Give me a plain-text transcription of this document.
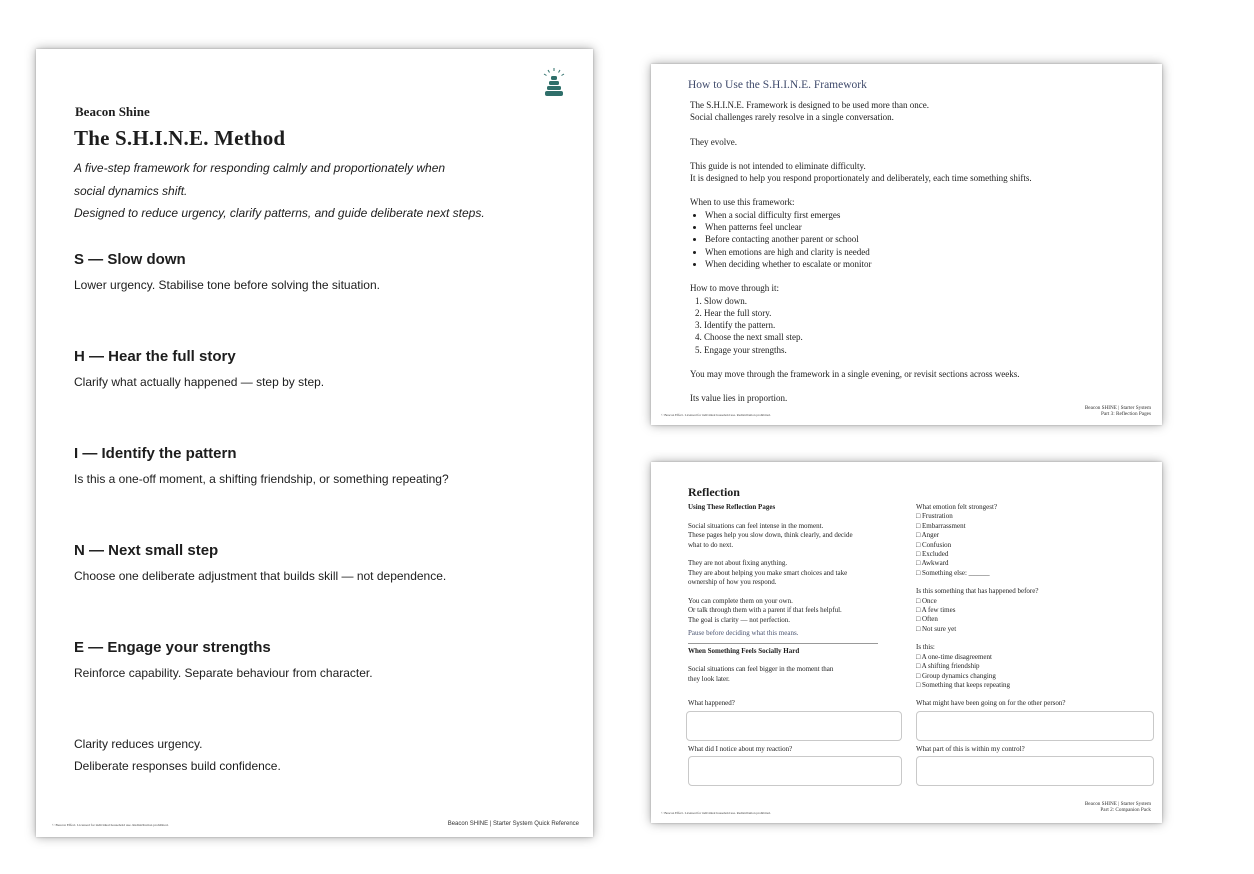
Beacon Shine
The S.H.I.N.E. Method
A five-step framework for responding calmly and proportionately when
social dynamics shift.
Designed to reduce urgency, clarify patterns, and guide deliberate next steps.
S — Slow down

Lower urgency. Stabilise tone before solving the situation.

H — Hear the full story

Clarify what actually happened — step by step.

I — Identify the pattern

Is this a one-off moment, a shifting friendship, or something repeating?

N — Next small step

Choose one deliberate adjustment that builds skill — not dependence.

E — Engage your strengths

Reinforce capability. Separate behaviour from character.

Clarity reduces urgency.
Deliberate responses build confidence.
© Beacon Effect. Licensed for individual household use. Redistribution prohibited.	Beacon SHINE | Starter System Quick Reference
How to Use the S.H.I.N.E. Framework
The S.H.I.N.E. Framework is designed to be used more than once.
Social challenges rarely resolve in a single conversation.
They evolve.
This guide is not intended to eliminate difficulty.
It is designed to help you respond proportionately and deliberately, each time something shifts.
When to use this framework:
• When a social difficulty first emerges
• When patterns feel unclear
• Before contacting another parent or school
• When emotions are high and clarity is needed
• When deciding whether to escalate or monitor
How to move through it:
1. Slow down.
2. Hear the full story.
3. Identify the pattern.
4. Choose the next small step.
5. Engage your strengths.
You may move through the framework in a single evening, or revisit sections across weeks.
Its value lies in proportion.
© Beacon Effect. Licensed for individual household use. Redistribution prohibited.
Beacon SHINE | Starter System
Part 3: Reflection Pages
Reflection
Using These Reflection Pages
Social situations can feel intense in the moment.
These pages help you slow down, think clearly, and decide
what to do next.
They are not about fixing anything.
They are about helping you make smart choices and take
ownership of how you respond.
You can complete them on your own.
Or talk through them with a parent if that feels helpful.
The goal is clarity — not perfection.
Pause before deciding what this means.
When Something Feels Socially Hard
Social situations can feel bigger in the moment than
they look later.
What emotion felt strongest?
□ Frustration
□ Embarrassment
□ Anger
□ Confusion
□ Excluded
□ Awkward
□ Something else: ______
Is this something that has happened before?
□ Once
□ A few times
□ Often
□ Not sure yet
Is this:
□ A one-time disagreement
□ A shifting friendship
□ Group dynamics changing
□ Something that keeps repeating
What happened?	What might have been going on for the other person?
What did I notice about my reaction?	What part of this is within my control?
© Beacon Effect. Licensed for individual household use. Redistribution prohibited.
Beacon SHINE | Starter System
Part 2: Companion Pack
